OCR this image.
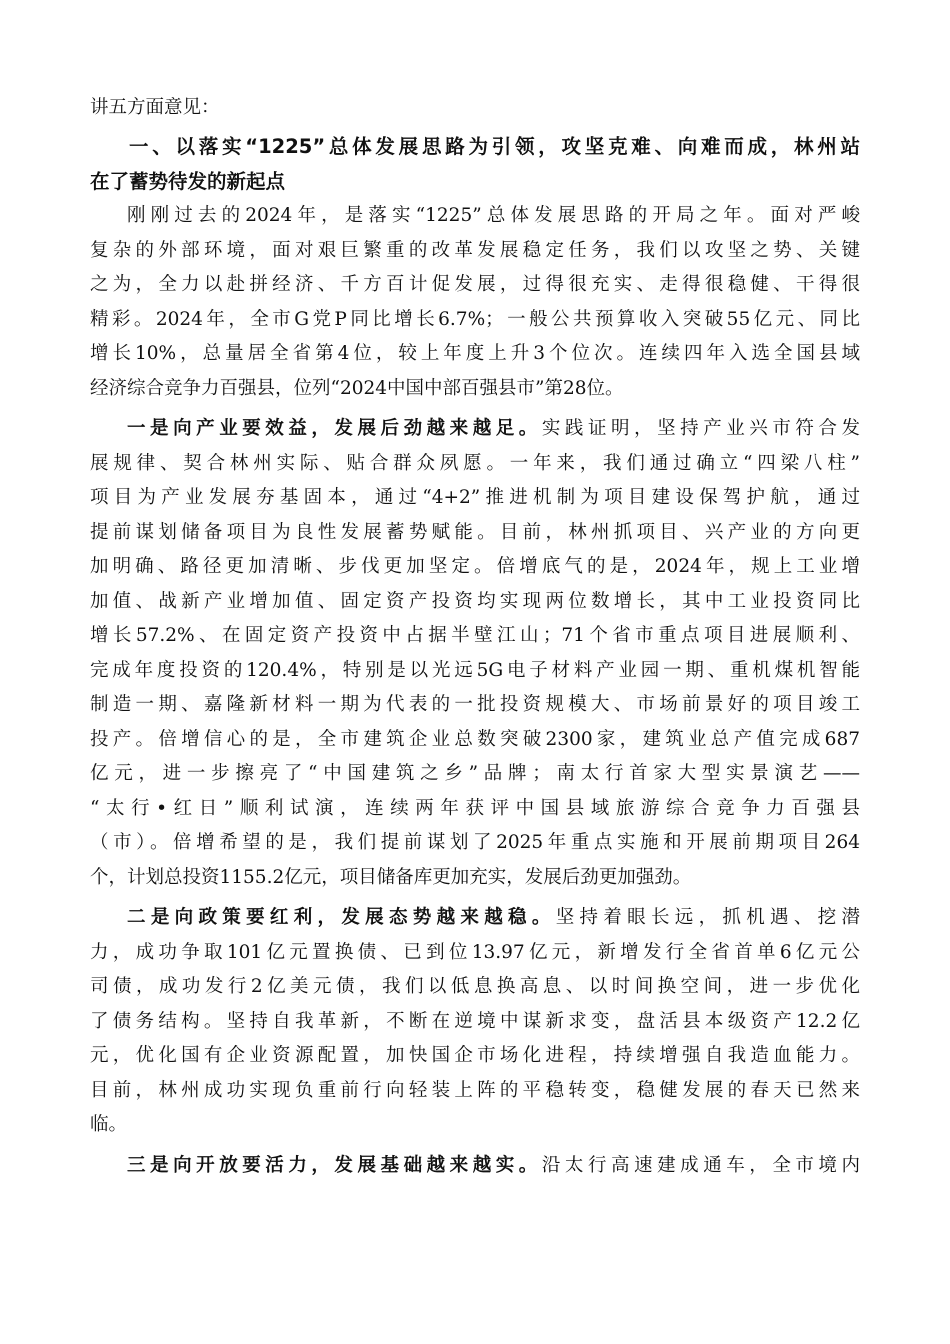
讲五方面意见：
一、以落实“1225”总体发展思路为引领，攻坚克难、向难而成，林州站
在了蓄势待发的新起点
刚刚过去的2024年，是落实“1225”总体发展思路的开局之年。面对严峻
复杂的外部环境，面对艰巨繁重的改革发展稳定任务，我们以攻坚之势、关键
之为，全力以赴拼经济、千方百计促发展，过得很充实、走得很稳健、干得很
精彩。2024年，全市G党P同比增长6.7%；一般公共预算收入突破55亿元、同比
增长10%，总量居全省第4位，较上年度上升3个位次。连续四年入选全国县域
经济综合竞争力百强县，位列“2024中国中部百强县市”第28位。
一是向产业要效益，发展后劲越来越足。实践证明，坚持产业兴市符合发
展规律、契合林州实际、贴合群众夙愿。一年来，我们通过确立“四梁八柱”
项目为产业发展夯基固本，通过“4+2”推进机制为项目建设保驾护航，通过
提前谋划储备项目为良性发展蓄势赋能。目前，林州抓项目、兴产业的方向更
加明确、路径更加清晰、步伐更加坚定。倍增底气的是，2024年，规上工业增
加值、战新产业增加值、固定资产投资均实现两位数增长，其中工业投资同比
增长57.2%、在固定资产投资中占据半壁江山；71个省市重点项目进展顺利、
完成年度投资的120.4%，特别是以光远5G电子材料产业园一期、重机煤机智能
制造一期、嘉隆新材料一期为代表的一批投资规模大、市场前景好的项目竣工
投产。倍增信心的是，全市建筑企业总数突破2300家，建筑业总产值完成687
亿元，进一步擦亮了“中国建筑之乡”品牌；南太行首家大型实景演艺——
“太行•红日”顺利试演，连续两年获评中国县域旅游综合竞争力百强县
（市）。倍增希望的是，我们提前谋划了2025年重点实施和开展前期项目264
个，计划总投资1155.2亿元，项目储备库更加充实，发展后劲更加强劲。
二是向政策要红利，发展态势越来越稳。坚持着眼长远，抓机遇、挖潜
力，成功争取101亿元置换债、已到位13.97亿元，新增发行全省首单6亿元公
司债，成功发行2亿美元债，我们以低息换高息、以时间换空间，进一步优化
了债务结构。坚持自我革新，不断在逆境中谋新求变，盘活县本级资产12.2亿
元，优化国有企业资源配置，加快国企市场化进程，持续增强自我造血能力。
目前，林州成功实现负重前行向轻装上阵的平稳转变，稳健发展的春天已然来
临。
三是向开放要活力，发展基础越来越实。沿太行高速建成通车，全市境内
